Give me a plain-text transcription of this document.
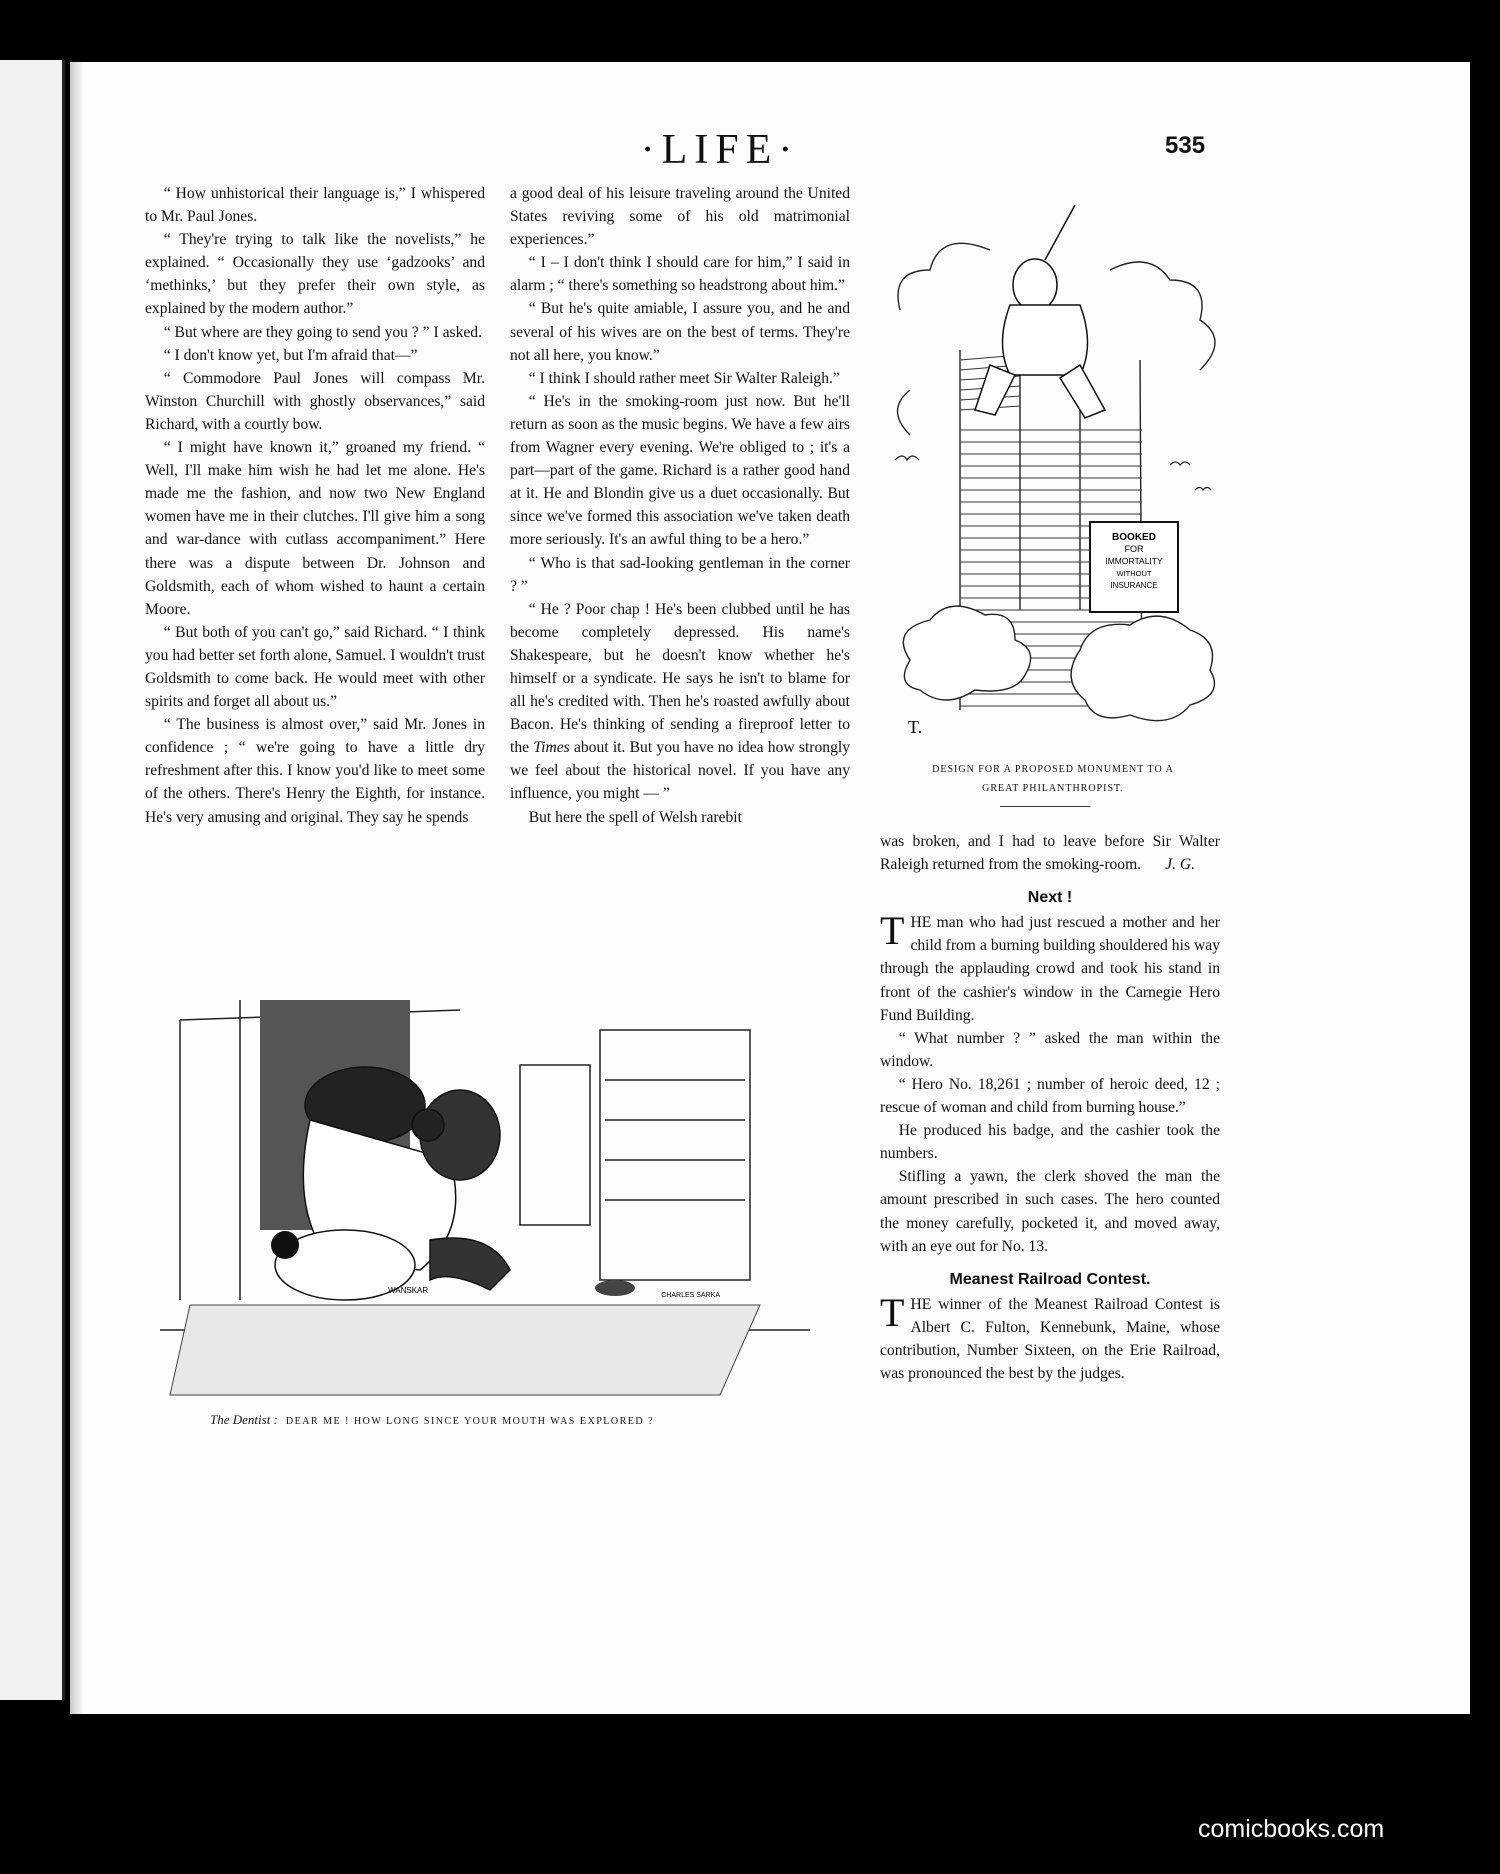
·LIFE·	535

“ How unhistorical their language is,” I whispered to Mr. Paul Jones.

“ They're trying to talk like the novelists,” he explained. “ Occasionally they use ‘gadzooks’ and ‘methinks,’ but they prefer their own style, as explained by the modern author.”

“ But where are they going to send you ? ” I asked.

“ I don't know yet, but I'm afraid that—”

“ Commodore Paul Jones will compass Mr. Winston Churchill with ghostly observances,” said Richard, with a courtly bow.

“ I might have known it,” groaned my friend. “ Well, I'll make him wish he had let me alone. He's made me the fashion, and now two New England women have me in their clutches. I'll give him a song and war-dance with cutlass accompaniment.” Here there was a dispute between Dr. Johnson and Goldsmith, each of whom wished to haunt a certain Moore.

“ But both of you can't go,” said Richard. “ I think you had better set forth alone, Samuel. I wouldn't trust Goldsmith to come back. He would meet with other spirits and forget all about us.”

“ The business is almost over,” said Mr. Jones in confidence ; “ we're going to have a little dry refreshment after this. I know you'd like to meet some of the others. There's Henry the Eighth, for instance. He's very amusing and original. They say he spends

a good deal of his leisure traveling around the United States reviving some of his old matrimonial experiences.”

“ I – I don't think I should care for him,” I said in alarm ; “ there's something so headstrong about him.”

“ But he's quite amiable, I assure you, and he and several of his wives are on the best of terms. They're not all here, you know.”

“ I think I should rather meet Sir Walter Raleigh.”

“ He's in the smoking-room just now. But he'll return as soon as the music begins. We have a few airs from Wagner every evening. We're obliged to ; it's a part—part of the game. Richard is a rather good hand at it. He and Blondin give us a duet occasionally. But since we've formed this association we've taken death more seriously. It's an awful thing to be a hero.”

“ Who is that sad-looking gentleman in the corner ? ”

“ He ? Poor chap ! He's been clubbed until he has become completely depressed. His name's Shakespeare, but he doesn't know whether he's himself or a syndicate. He says he isn't to blame for all he's credited with. Then he's roasted awfully about Bacon. He's thinking of sending a fireproof letter to the Times about it. But you have no idea how strongly we feel about the historical novel. If you have any influence, you might — ”

But here the spell of Welsh rarebit

BOOKED
FOR
IMMORTALITY
WITHOUT
INSURANCE
T.
DESIGN FOR A PROPOSED MONUMENT TO A
GREAT PHILANTHROPIST.

was broken, and I had to leave before Sir Walter Raleigh returned from the smoking-room. J. G.

Next !

THE man who had just rescued a mother and her child from a burning building shouldered his way through the applauding crowd and took his stand in front of the cashier's window in the Carnegie Hero Fund Building.

“ What number ? ” asked the man within the window.

“ Hero No. 18,261 ; number of heroic deed, 12 ; rescue of woman and child from burning house.”

He produced his badge, and the cashier took the numbers.

Stifling a yawn, the clerk shoved the man the amount prescribed in such cases. The hero counted the money carefully, pocketed it, and moved away, with an eye out for No. 13.

Meanest Railroad Contest.

THE winner of the Meanest Railroad Contest is Albert C. Fulton, Kennebunk, Maine, whose contribution, Number Sixteen, on the Erie Railroad, was pronounced the best by the judges.

WANSKAR
CHARLES SARKA
The Dentist : DEAR ME ! HOW LONG SINCE YOUR MOUTH WAS EXPLORED ?
comicbooks.com
